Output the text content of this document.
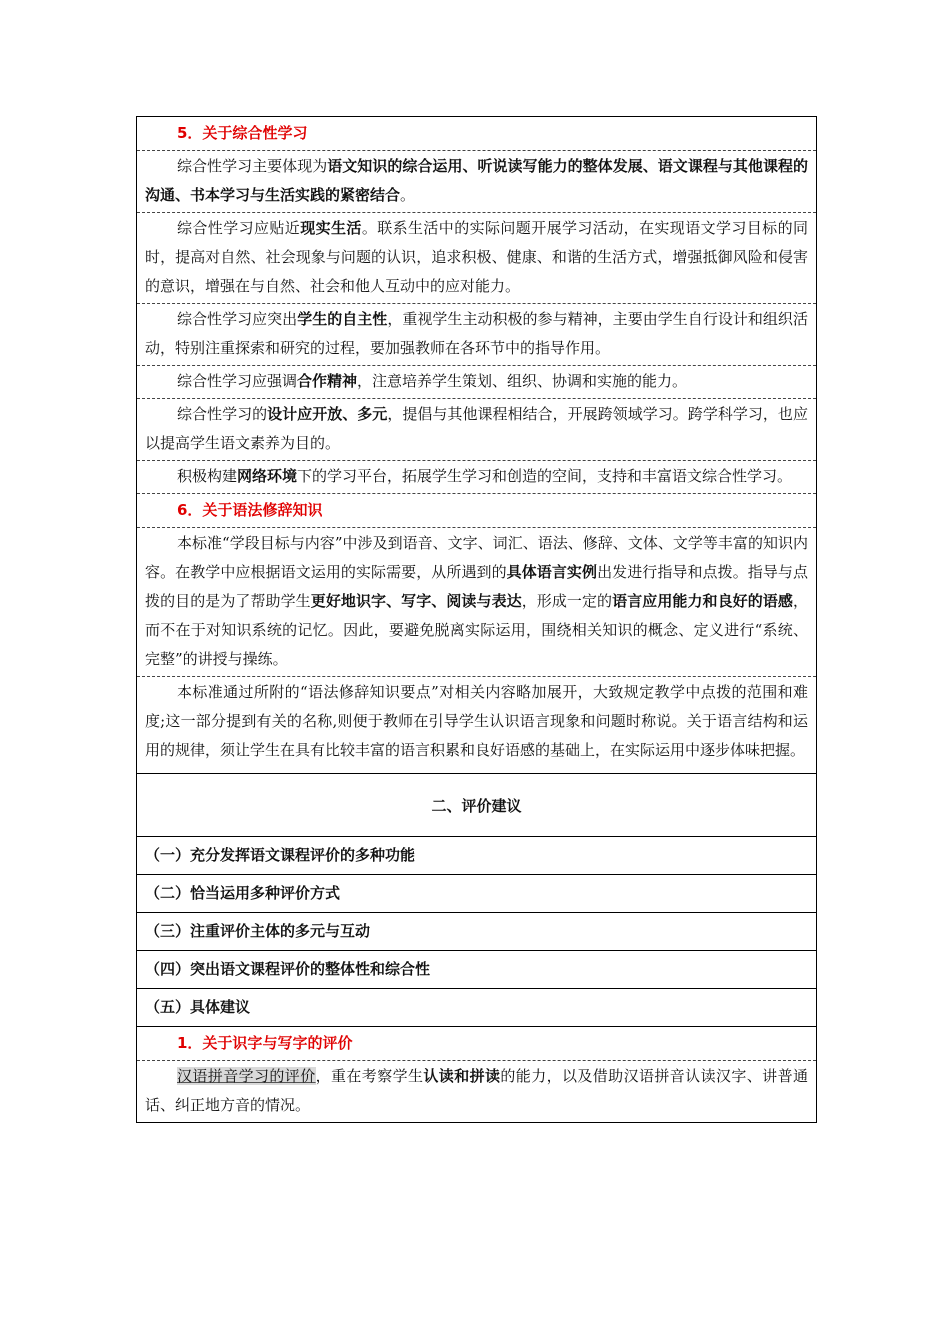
5．关于综合性学习
综合性学习主要体现为语文知识的综合运用、听说读写能力的整体发展、语文课程与其他课程的沟通、书本学习与生活实践的紧密结合。
综合性学习应贴近现实生活。联系生活中的实际问题开展学习活动，在实现语文学习目标的同时，提高对自然、社会现象与问题的认识，追求积极、健康、和谐的生活方式，增强抵御风险和侵害的意识，增强在与自然、社会和他人互动中的应对能力。
综合性学习应突出学生的自主性，重视学生主动积极的参与精神，主要由学生自行设计和组织活动，特别注重探索和研究的过程，要加强教师在各环节中的指导作用。
综合性学习应强调合作精神，注意培养学生策划、组织、协调和实施的能力。
综合性学习的设计应开放、多元，提倡与其他课程相结合，开展跨领域学习。跨学科学习，也应以提高学生语文素养为目的。
积极构建网络环境下的学习平台，拓展学生学习和创造的空间，支持和丰富语文综合性学习。
6．关于语法修辞知识
本标准“学段目标与内容”中涉及到语音、文字、词汇、语法、修辞、文体、文学等丰富的知识内容。在教学中应根据语文运用的实际需要，从所遇到的具体语言实例出发进行指导和点拨。指导与点拨的目的是为了帮助学生更好地识字、写字、阅读与表达，形成一定的语言应用能力和良好的语感，而不在于对知识系统的记忆。因此，要避免脱离实际运用，围绕相关知识的概念、定义进行“系统、完整”的讲授与操练。
本标准通过所附的“语法修辞知识要点”对相关内容略加展开，大致规定教学中点拨的范围和难度;这一部分提到有关的名称,则便于教师在引导学生认识语言现象和问题时称说。关于语言结构和运用的规律，须让学生在具有比较丰富的语言积累和良好语感的基础上，在实际运用中逐步体味把握。
二、评价建议
（一）充分发挥语文课程评价的多种功能
（二）恰当运用多种评价方式
（三）注重评价主体的多元与互动
（四）突出语文课程评价的整体性和综合性
（五）具体建议
1．关于识字与写字的评价
汉语拼音学习的评价，重在考察学生认读和拼读的能力，以及借助汉语拼音认读汉字、讲普通话、纠正地方音的情况。
